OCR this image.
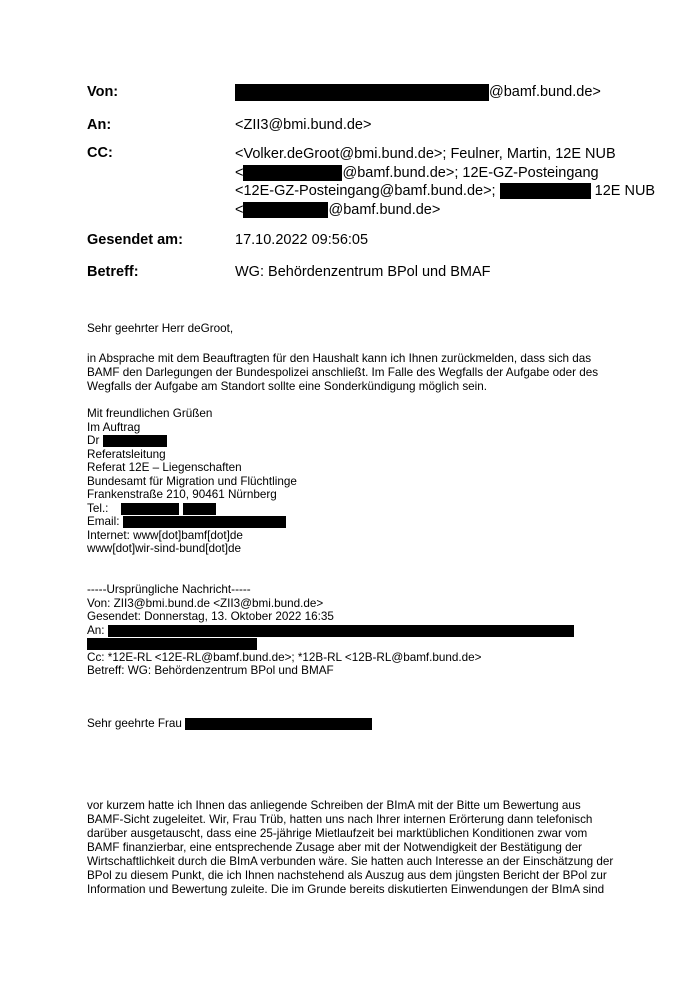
Von:	@bamf.bund.de>
An:	<ZII3@bmi.bund.de>
CC:	<Volker.deGroot@bmi.bund.de>; Feulner, Martin, 12E NUB
<	@bamf.bund.de>; 12E-GZ-Posteingang
<12E-GZ-Posteingang@bamf.bund.de>;	12E NUB
<	@bamf.bund.de>
Gesendet am:	17.10.2022 09:56:05
Betreff:	WG: Behördenzentrum BPol und BMAF
Sehr geehrter Herr deGroot,
in Absprache mit dem Beauftragten für den Haushalt kann ich Ihnen zurückmelden, dass sich das
BAMF den Darlegungen der Bundespolizei anschließt. Im Falle des Wegfalls der Aufgabe oder des
Wegfalls der Aufgabe am Standort sollte eine Sonderkündigung möglich sein.
Mit freundlichen Grüßen
Im Auftrag
Dr
Referatsleitung
Referat 12E – Liegenschaften
Bundesamt für Migration und Flüchtlinge
Frankenstraße 210, 90461 Nürnberg
Tel.:
Email:
Internet: www[dot]bamf[dot]de
www[dot]wir-sind-bund[dot]de
-----Ursprüngliche Nachricht-----
Von: ZII3@bmi.bund.de <ZII3@bmi.bund.de>
Gesendet: Donnerstag, 13. Oktober 2022 16:35
An:
Cc: *12E-RL <12E-RL@bamf.bund.de>; *12B-RL <12B-RL@bamf.bund.de>
Betreff: WG: Behördenzentrum BPol und BMAF
Sehr geehrte Frau
vor kurzem hatte ich Ihnen das anliegende Schreiben der BImA mit der Bitte um Bewertung aus
BAMF-Sicht zugeleitet. Wir, Frau Trüb, hatten uns nach Ihrer internen Erörterung dann telefonisch
darüber ausgetauscht, dass eine 25-jährige Mietlaufzeit bei marktüblichen Konditionen zwar vom
BAMF finanzierbar, eine entsprechende Zusage aber mit der Notwendigkeit der Bestätigung der
Wirtschaftlichkeit durch die BImA verbunden wäre. Sie hatten auch Interesse an der Einschätzung der
BPol zu diesem Punkt, die ich Ihnen nachstehend als Auszug aus dem jüngsten Bericht der BPol zur
Information und Bewertung zuleite. Die im Grunde bereits diskutierten Einwendungen der BImA sind
